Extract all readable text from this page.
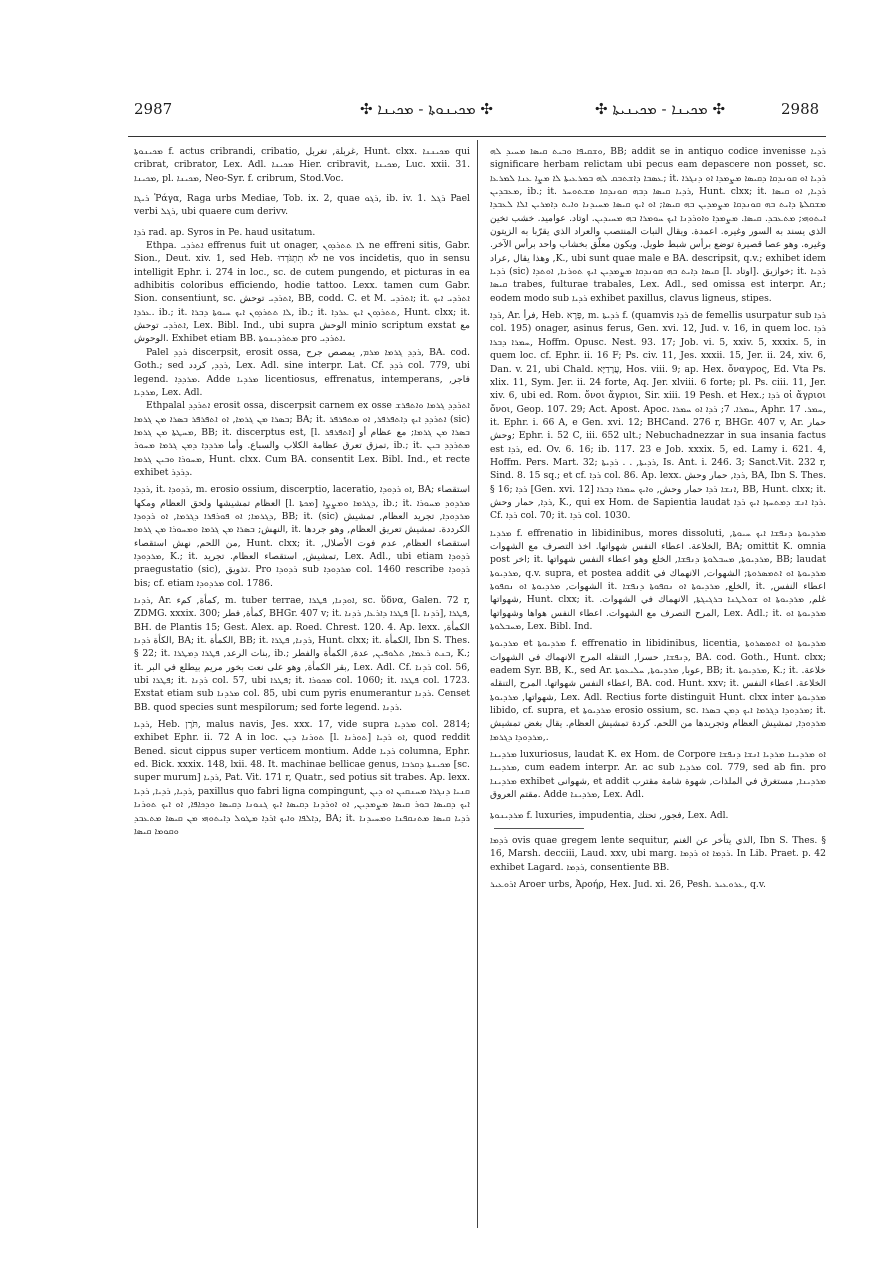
2987	✣ ܡܟܝܢܘܬܐ - ܡܟܝܢܐ ✣	✣ ܡܟܝܢܐ - ܡܟܝܢܝܬܐ ✣	2988

ܡܟܝܢܘܬܐ f. actus cribrandi, cribatio, غربلة, تغربل, Hunt. clxx. ܡܟܝܢܢܐ qui cribrat, cribrator, Lex. Adl. ܡܟܝܢܐ Hier. cribravit, ܡܟܝܢܐ, Luc. xxii. 31. ܡܟܝܢܐ, pl. ܡܟܝܢܐ, Neo-Syr. f. cribrum, Stod.Voc.

ܪܝܓܐ Ῥάγα, Raga urbs Mediae, Tob. ix. 2, quae ܪܓܘ, ib. iv. 1. ܪܓܠ Pael verbi ܪܓܠ, ubi quaere cum derivv.

ܪܕܐ rad. ap. Syros in Pe. haud usitatum.

Ethpa. ܐܬܪܕܝ effrenus fuit ut onager, ܠܐ ܬܬܪܕܘܢ ne effreni sitis, Gabr. Sion., Deut. xiv. 1, sed Heb. לֹא תִתְגֹּדְדוּ ne vos incidetis, quo in sensu intelligit Ephr. i. 274 in loc., sc. de cutem pungendo, et picturas in ea adhibitis coloribus efficiendo, hodie tattoo. Lexx. tamen cum Gabr. Sion. consentiunt, sc. ܐܬܪܕܝ توحش, BB, codd. C. et M. ܐܬܪܕܝ; it. ܐܬܪܕܝ ܐܝܟ ܥܪܕܐ. ib.; it. ܠܐ ܬܬܪܕܘܢ ܐܝܟ ܚܝܘܬܐ ܕܒܪܐ, ib.; it. ܬܬܪܕܘܢ ܐܝܟ ܥܪܕܐ, Hunt. clxx; it. ܐܬܪܕܝ توحش, Lex. Bibl. Ind., ubi supra الوحش minio scriptum exstat مع الوحوش. Exhibet etiam BB. ܡܬܪܕܝܢܘܬܐ pro ܐܬܪܕܝ.

Palel ܪܕܕ discerpsit, erosit ossa, ܪܕܕ ܓܪܡܐ ܡܪܡ, يمصص جرح, BA. cod. Goth.; sed ܪܕܕ, كردد, Lex. Adl. sine interpr. Lat. Cf. ܪܕܕ col. 779, ubi legend. ܡܪܕܕܐ. Adde ܡܪܕܝܐ licentiosus, effrenatus, intemperans, فاجر, ܡܪܕܝܐ, Lex. Adl.

Ethpalal ܐܬܪܕܕ erosit ossa, discerpsit carnem ex osse ܐܬܪܕܕ ܓܪܡܐ ܘܐܬܦܪܫ ܒܣܪܐ ܡܢ ܓܪܡܐ, ܐܘ ܐܬܦܪܦܪ ܒܣܪܐ ܡܢ ܓܪܡܐ; BA; it. ܐܬܪܕܕ ܐܝܟ ܕܐܬܦܪܦܪ, ܐܘ ܡܬܦܪܦܪ (sic) ܡܚܛܬܐ ܡܢ ܓܪܡܐ, BB; it. discerptus est, [l. ܐܬܦܪܦܪ] ܒܣܪܐ ܡܢ ܓܪܡܐ; مع عظام أو تمزق تعرق عظامة الكلاب والسباع. وأما ܡܪܕܕܐ ܕܡܢ ܓܪܡܐ ܡܚܘܪ, ib.; it. ܡܬܪܕܕ ܒܝܢ ܡܚܘܪܐ ܘܒܝܢ ܓܪܡܐ, Hunt. clxx. Cum BA. consentit Lex. Bibl. Ind., et recte exhibet ܕܪܕܪ.

ܪܕܕܐ, it. ܪܕܘܕܐ, m. erosio ossium, discerptio, laceratio, ܐܘ ܪܕܘܕܐ, BA; استقصاء العظام تمشيشها ولحق العظام ومكها [l. ܡܟܬܐ] ܕܓܪܡܐ ܘܡܨܨܐ, ib.; it. ܡܪܕܘܕ ܡܚܘܪܐ ܕܓܪܡܐ; ܐܘ ܦܘܪܦܪܐ ܕܓܪܡܐ, ܐܘ ܪܕܘܕܐ, BB; it. (sic) ܡܪܕܘܕܐ, تجريد العظام, تمشيش النهش; ܒܣܪܐ ܡܢ ܓܪܡܐ ܘܡܚܘܪܐ ܡܢ ܓܪܡܐ, it. الكرددة. تمشيش تعريق العظام, وهو جردها من اللحم, نهش استقصاء, Hunt. clxx; it. استقصاء العظام, عدم فوت الأصلال, ܡܪܕܘܕܐ, K.; it. تمشيش, استقصاء العظام. تجريد, Lex. Adl., ubi etiam ܪܕܘܕܐ praegustatio (sic), تذويق. Pro ܪܕܘܕܐ sub ܡܪܕܘܕܐ col. 1460 rescribe ܪܕܘܕܐ bis; cf. etiam ܡܪܕܘܕܐ col. 1786.

ܪܕܢܐ, Ar. كمأة, كمء, m. tuber terrae, ܐܘܕܢܐ, ܦܛܪܐ, sc. ὕδνα, Galen. 72 r, ZDMG. xxxix. 300; كمأة, فطر, BHGr. 407 v; it. ܦܛܪܐ ܕܐܪܥܐ, ܪܕܢܐ [l. ܪܕܢܐ], ܦܛܪܐ, BH. de Plantis 15; Gest. Alex. ap. Roed. Chrest. 120. 4. Ap. lexx. الكمأة, الكأة ܪܕܢܐ, BA; it. الكمأة, BB; it. ܪܕܢܐ, ܦܛܪܐ, Hunt. clxx; it. الكمأة, Ibn S. Thes. § 22; it. بنات الرعد, ܦܛܪܐ ܕܡܛܪܐ, ib.; ܒܢܬ ܪܥܡܐ, ܬܠܘܦܝܢ, عدة, الكمأة والفطر, K.; it. بقر الكمأة, وهو على نعت بخور مريم بيطلع في البر, Lex. Adl. Cf. ܪܕܢܐ col. 56, ubi ܦܛܪܐ; it. ܪܕܢܐ col. 57, ubi ܦܛܪܐ; it. ܡܟܘܪܐ col. 1060; it. ܦܛܪܐ col. 1723. Exstat etiam sub ܡܪܕܢܐ col. 85, ubi cum pyris enumerantur ܪܕܢܐ. Censet BB. quod species sunt mespilorum; sed forte legend. ܪܕܢܐ.

ܪܕܝܐ, Heb. תֹּרֶן, malus navis, Jes. xxx. 17, vide supra ܡܪܕܝܐ col. 2814; exhibet Ephr. ii. 72 A in loc. ܬܘܪܢܐ ܕܝܢ [l. ܬܘܪܢܐ] ܐܘ ܪܕܝܐ, quod reddit Bened. sicut cippus super verticem montium. Adde ܪܕܝܐ columna, Ephr. ed. Bick. xxxix. 148, lxii. 48. It. machinae bellicae genus, ܡܟܝܢܬܐ ܕܩܪܒܐ [sc. super murum] ܪܕܝܐ, Pat. Vit. 171 r, Quatr., sed potius sit trabes. Ap. lexx. ܪܕܝܐ, ܪܕܝܐ, ܪܕܝܐ, paxillus quo fabri ligna compingunt, ܩܢܝܐ ܕܢܓܪܐ ܡܚܢܩܝܢ ܐܘ ܕܝܢ ܐܝܟ ܕܩܝܣܐ ܒܘܪ ܩܝܣܐ ܡܨܡܕܝܢ, ܐܘ ܐܘܪܕܢܐ ܕܩܝܣܐ ܐܝܟ ܓܢܘܢܐ ܕܩܝܣܐ ܘܕܟܐܦܐ, ܐܘ ܐܝܟ ܬܘܪܢܐ ܕܐܠܦܐ ܘܐܝܟ ܐܪܕܐ ܡܛܘܠ ܕܐܝܬܘܗܝ ܡܢ ܩܝܣܐ ܡܬܥܒܕ, BA; it. ܪܕܝܐ ܩܝܣܐ ܡܬܢܩܦܢܐ ܘܡܚܝܕܢܐ ܘܩܘܡܐ ܩܝܣܐ

ܘܫܩܝܦܐ ܘܒܝܬ ܩܝܣܐ ܡܚܝܕ ܠܗ, BB; addit se in antiquo codice invenisse ܪܕܝܐ significare herbam relictam ubi pecus eam depascere non posset, sc. ܥܣܒܐ ܕܐܫܬܒܩ ܠܗ ܒܡܪܥܝܬܐ ܠܐ ܡܨܐ ܥܢܐ ܠܡܪܥܐ; it. ܪܕܝܐ ܐܘ ܩܘܢܕܩܐ ܕܩܝܣܐ ܡܨܡܕܐ ܐܘ ܕܢܓܪܐ ܡܥܒܕܝܢ, ib.; it. ܪܕܝܐ ܩܝܣܐ ܕܒܗ ܩܘܢܕܩܐ ܡܫܬܘܚܪ, Hunt. clxx; it. ܪܕܝܐ, ܐܘ ܩܝܣܐ ܡܫܩܠܬܐ ܕܐܝܬ ܒܗ ܩܘܢܕܩܐ ܡܨܡܕܝܢ ܒܗ ܩܝܣܐ; ܐܘ ܐܝܟ ܩܝܣܐ ܡܚܝܕܢܐ ܘܐܝܬ ܕܐܡܪܝܢ ܐܠܐ ܠܥܒܕܐ ܐܝܬܘܗܝ; ܡܬܥܒܕ. ܩܝܣܐ. ܡܨܡܕܐ ܘܐܘܪܕܢܐ ܐܝܟ ܚܘܡܪܐ ܒܗ ܡܚܝܕܝܢ. اوتاد. عوامید. خشب تخين الذي يسند به السور وغيره. اعمدة. ويقال النبات المنتصب والعراد الذي يقرّبا به الزيتون وغيره. وهو عصا قصيرة توضع برأس شبط طويل. ويكون معلّق بخشاب واحد برأس الآخر. وهذا يقال ,عراد ,K., ubi sunt quae male e BA. descripsit, q.v.; exhibet idem ܪܕܝܐ (sic) ܩܝܣܐ ܕܐܝܬ ܒܗ ܩܘܢܕܩܐ ܡܨܡܕܝܢ ܐܝܟ ܬܘܪܢܐ, ܐܘܬܕܐ [l. اوتاد]. خوازيق; it. ܪܕܝܐ ܩܝܣܐ trabes, fulturae trabales, Lex. Adl., sed omissa est interpr. Ar.; eodem modo sub ܪܕܝܐ exhibet paxillus, clavus ligneus, stipes.

ܪܕܐ, Ar. فرأ, Heb. פֶּרֶא, m. ܪܕܝܬܐ f. (quamvis ܪܕܐ de femellis usurpatur sub ܪܕܐ col. 195) onager, asinus ferus, Gen. xvi. 12, Jud. v. 16, in quem loc. ܪܕܐ ܚܡܪܐ ܕܒܪܐ, Hoffm. Opusc. Nest. 93. 17; Job. vi. 5, xxiv. 5, xxxix. 5, in quem loc. cf. Ephr. ii. 16 F; Ps. civ. 11, Jes. xxxii. 15, Jer. ii. 24, xiv. 6, Dan. v. 21, ubi Chald. עֲרָדַיָּא, Hos. viii. 9; ap. Hex. ὄναγρος, Ed. Vta Ps. xlix. 11, Sym. Jer. ii. 24 forte, Aq. Jer. xlviii. 6 forte; pl. Ps. ciii. 11, Jer. xiv. 6, ubi ed. Rom. ὄνοι ἄγριοι, Sir. xiii. 19 Pesh. et Hex.; ܪܕܐ οἱ ἄγριοι ὄνοι, Geop. 107. 29; Act. Apost. Apoc. ܚܡܪܐ. 7; ܪܕܐ ܐܘ ܚܡܪܐ, Aphr. ܚܡܪ. 17, it. Ephr. i. 66 A, e Gen. xvi. 12; BHCand. 276 r, BHGr. 407 v, Ar. حمار وحش; Ephr. i. 52 C, iii. 652 ult.; Nebuchadnezzar in sua insania factus est ܪܕܐ, ed. Ov. 6. 16; ib. 117. 23 e Job. xxxix. 5, ed. Lamy i. 621. 4, Hoffm. Pers. Mart. 32; ܪܕܝܬܐ, . . ܪܕܝܬܐ, Is. Ant. i. 246. 3; Sanct.Vit. 232 r, Sind. 8. 15 sq.; et cf. ܪܕܐ col. 86. Ap. lexx. ܪܕܐ, حمار وحش, BA, Ibn S. Thes. § 16; ܪܕܐ [Gen. xvi. 12] ܐܢܫܐ ܪܕܐ حمار وحش, ܘܐܝܟ ܚܡܪܐ ܕܒܪܐ, BB, Hunt. clxx; it. ܪܕܐ, حمار وحش, K., qui ex Hom. de Sapientia laudat ܪܕܐ ܐܢܫ ܕܡܬܚܙܐ ܐܝܟ ܪܕܐ. Cf. ܪܕܐ col. 70; it. ܪܕܐ col. 1030.

ܡܪܕܝܐ f. effrenatio in libidinibus, mores dissoluti, ܡܪܕܝܘܬܐ ܕܢܦܫܐ ܐܝܟ ܚܝܘܬܐ, الخلاعة. اعطاء النفس شهواتها. اخذ التصرف مع الشهوات, BA; omittit K. omnia post اخر; it. ܡܪܕܝܘܬܐ, ܡܚܒܠܘܬܐ ܕܢܦܫܐ, الخلع وهو اعطاء النفس شهواتها, BB; laudat ܡܪܕܝܘܬܐ, q.v. supra, et postea addit ܡܪܕܝܘܬܐ ܐܘ ܐܬܡܣܪܘܬܐ; الشهوات, الانهماك في الشهوات, ܡܪܕܝܘܬܐ ܐܘ ܢܩܦܘܬܐ it. الخلع, ܡܪܕܝܘܬܐ ܐܘ ܢܩܦܘܬܐ ܕܢܦܫܐ, it. اعطاء النفس, شهواتها, Hunt. clxx; it. غلم, ܡܪܕܝܘܬܐ ܐܘ ܫܘܠܛܢܐ ܒܪܓܝܓܬܐ, الانهماك في الشهوات. المرح التصرف مع الشهوات. اعطاء النفس هواها وشهواتها, Lex. Adl.; it. ܡܪܕܝܘܬܐ ܐܘ ܡܚܒܠܘܬܐ, Lex. Bibl. Ind.

ܡܪܕܝܘܬܐ et ܡܪܕܝܘܬܐ f. effrenatio in libidinibus, licentia, ܡܪܕܝܘܬܐ ܐܘ ܐܬܡܣܪܘܬܐ ܕܢܦܫܐ, حسرا, التنقله المرح الانهماك في الشهوات, BA. cod. Goth., Hunt. clxx; eadem Syr. BB, K., sed Ar. عوبا, ܡܪܕܝܘܬܐ, ܚܠܝܥܘܬܐ, BB; it. ܡܪܕܝܘܬܐ, K.; it. خلاعة. اعطاء النفس شهواتها. المرح ,التنقله, BA. cod. Hunt. xxv; it. الخلاعة. اعطاء النفس شهواتها, ܡܪܕܝܘܬܐ, Lex. Adl. Rectius forte distinguit Hunt. clxx inter ܡܪܕܝܘܬܐ libido, cf. supra, et ܡܪܕܝܘܬܐ erosio ossium, sc. ܡܪܕܘܕܐ ܕܓܪܡܐ ܐܝܟ ܕܡܢ ܒܣܪܐ; it. ܡܪܕܘܕܐ, تمشيش العظام وتجريدها من اللحم. كردة تمشيش العظام. يقال بغض تمشيش ,ܡܪܕܘܕܐ ܕܓܪܡܐ.

ܡܪܕܝܢܐ luxuriosus, laudat K. ex Hom. de Corpore ܐܘ ܡܪܕܝܢܐ ܡܪܕܝܐ ܐܢܫܐ ܕܢܦܫܐ ܡܪܕܝܢܐ, cum eadem interpr. Ar. ac sub ܡܪܕܝܐ col. 779, sed ab fin. pro ܡܪܕܝܢܐ exhibet شهوانی, et addit ܡܪܕܝܢܐ, مستغرق في الملذات, شهوة شامة مقترب مقتم العروق. Adde ܡܪܕܝܢܐ, Lex. Adl.

ܡܪܕܝܢܘܬܐ f. luxuries, impudentia, فجور, تحتك, Lex. Adl.

ܪܕܡܐ ovis quae gregem lente sequitur, الذي يتأخر عن الغنم, Ibn S. Thes. § 16, Marsh. decciii, Laud. xxv, ubi marg. ܪܕܡܐ ܐܘ ܪܕܡܐ. In Lib. Praet. p. 42 exhibet Lagard. ܪܕܡܐ, consentiente BB.

ܐܪܘܥܝܪ Aroer urbs, Ἀροήρ, Hex. Jud. xi. 26, Pesh. ܥܪܘܥܝܪ, q.v.
